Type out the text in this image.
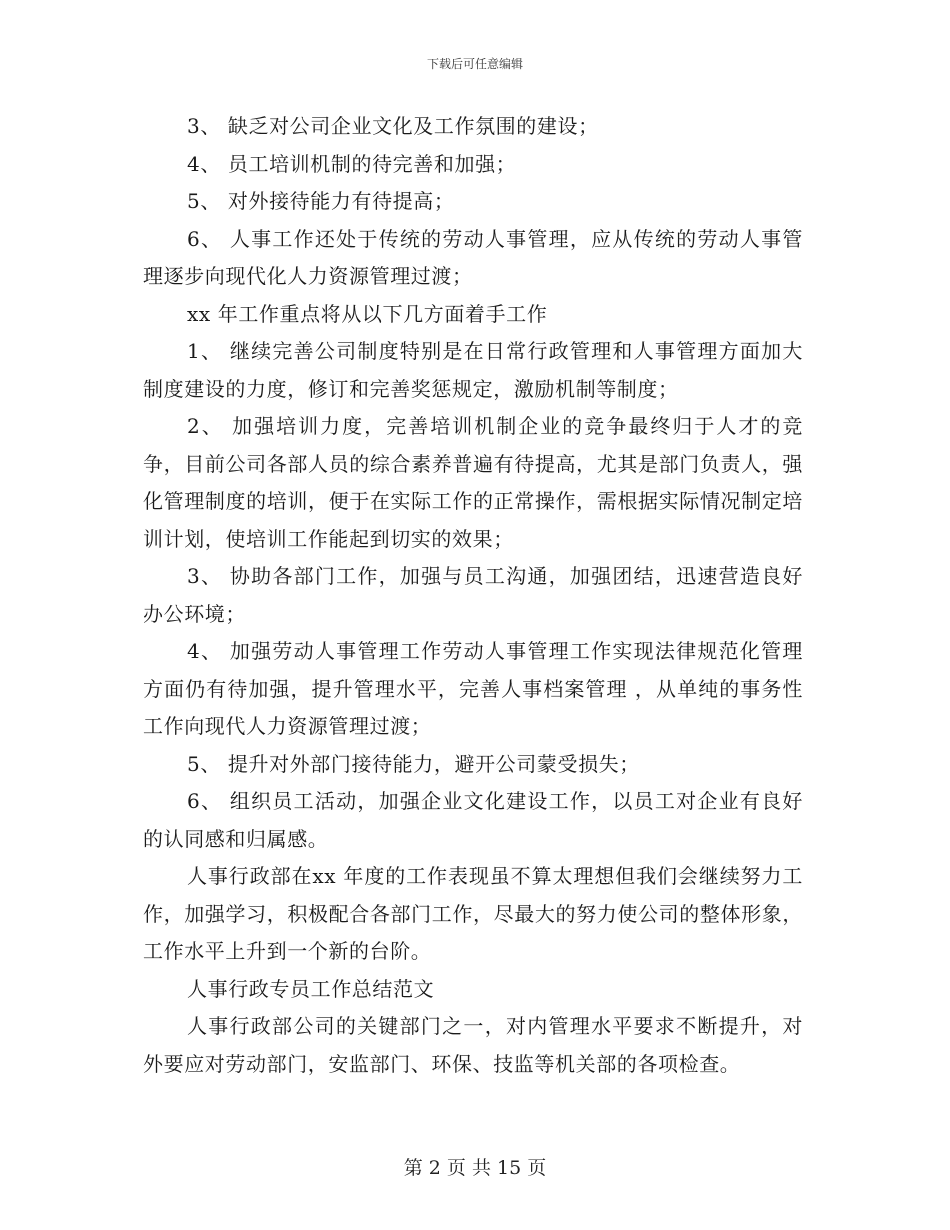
下载后可任意编辑

3、 缺乏对公司企业文化及工作氛围的建设；

4、 员工培训机制的待完善和加强；

5、 对外接待能力有待提高；

6、 人事工作还处于传统的劳动人事管理，应从传统的劳动人事管理逐步向现代化人力资源管理过渡；

xx 年工作重点将从以下几方面着手工作

1、 继续完善公司制度特别是在日常行政管理和人事管理方面加大制度建设的力度，修订和完善奖惩规定，激励机制等制度；

2、 加强培训力度，完善培训机制企业的竞争最终归于人才的竞争，目前公司各部人员的综合素养普遍有待提高，尤其是部门负责人，强化管理制度的培训，便于在实际工作的正常操作，需根据实际情况制定培训计划，使培训工作能起到切实的效果；

3、 协助各部门工作，加强与员工沟通，加强团结，迅速营造良好办公环境；

4、 加强劳动人事管理工作劳动人事管理工作实现法律规范化管理方面仍有待加强，提升管理水平，完善人事档案管理 ，从单纯的事务性工作向现代人力资源管理过渡；

5、 提升对外部门接待能力，避开公司蒙受损失；

6、 组织员工活动，加强企业文化建设工作，以员工对企业有良好的认同感和归属感。

人事行政部在xx 年度的工作表现虽不算太理想但我们会继续努力工作，加强学习，积极配合各部门工作，尽最大的努力使公司的整体形象，工作水平上升到一个新的台阶。

人事行政专员工作总结范文

人事行政部公司的关键部门之一，对内管理水平要求不断提升，对外要应对劳动部门，安监部门、环保、技监等机关部的各项检查。

第 2 页 共 15 页
